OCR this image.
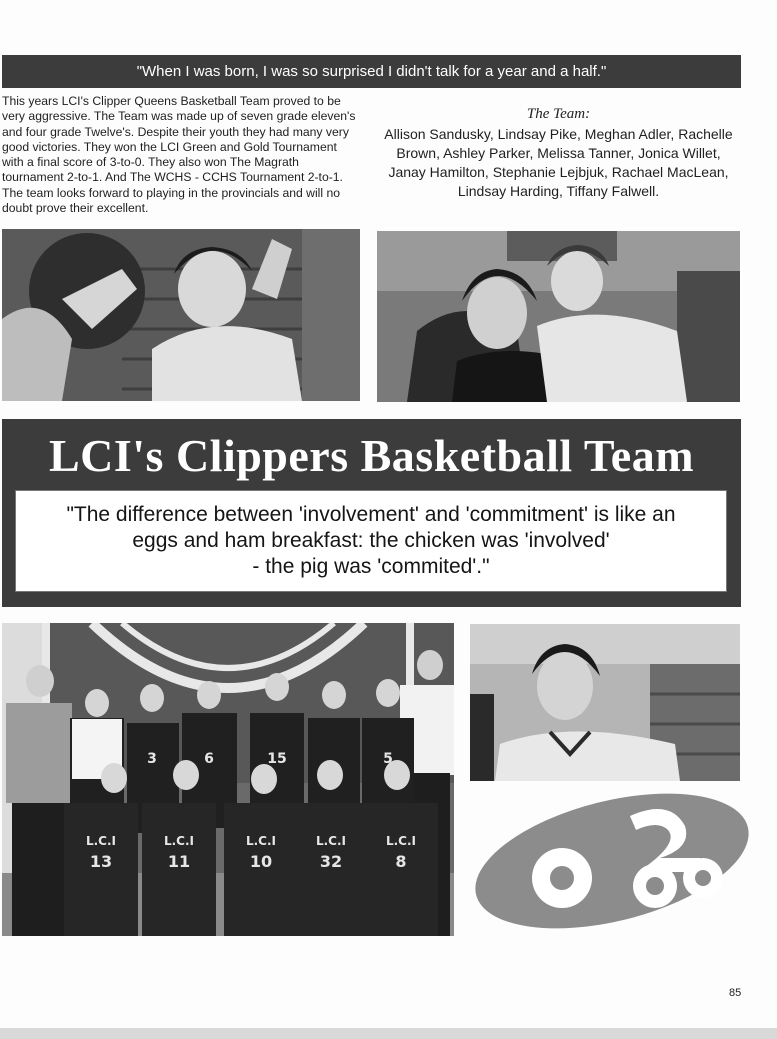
"When I was born, I was so surprised I didn't talk for a year and a half."
This years LCI's Clipper Queens Basketball Team proved to be very aggressive. The Team was made up of seven grade eleven's and four grade Twelve's. Despite their youth they had many very good victories. They won the LCI Green and Gold Tournament with a final score of 3-to-0. They also won The Magrath tournament 2-to-1. And The WCHS - CCHS Tournament 2-to-1. The team looks forward to playing in the provincials and will no doubt prove their excellent.
The Team:
Allison Sandusky, Lindsay Pike, Meghan Adler, Rachelle Brown, Ashley Parker, Melissa Tanner, Jonica Willet, Janay Hamilton, Stephanie Lejbjuk, Rachael MacLean, Lindsay Harding, Tiffany Falwell.
LCI's Clippers Basketball Team
"The difference between 'involvement' and 'commitment' is like an
eggs and ham breakfast: the chicken was 'involved'
- the pig was 'commited'."
3	6	15	5
L.C.I
13
L.C.I
11
L.C.I
10
L.C.I
32
L.C.I
8
85
